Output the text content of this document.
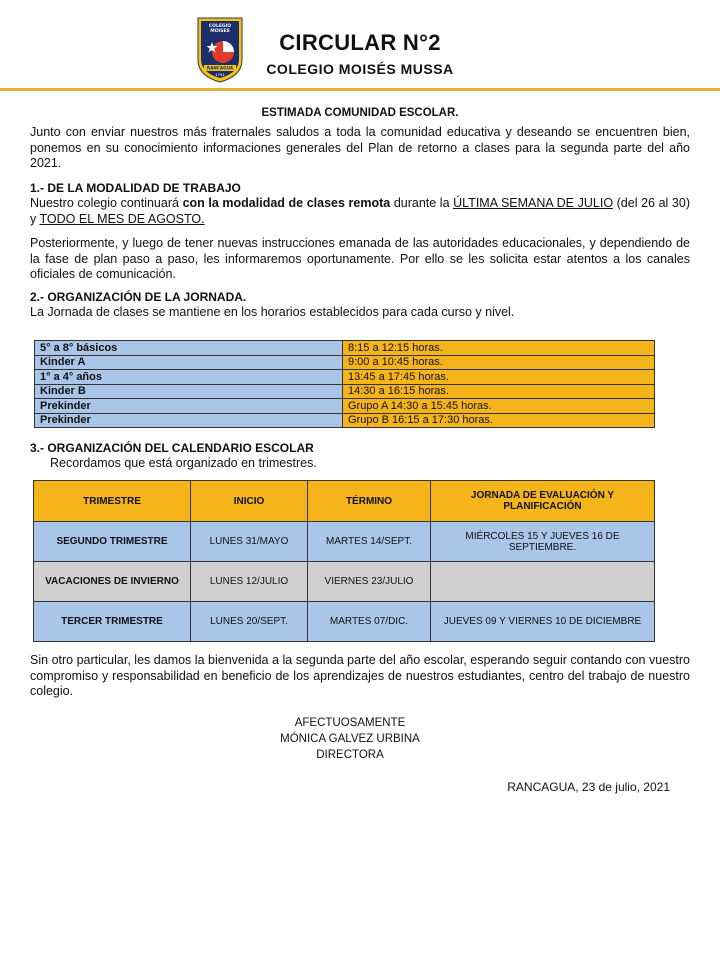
COLEGIO
MOISES
RANCAGUA
1791
CIRCULAR N°2
COLEGIO MOISÉS MUSSA
ESTIMADA COMUNIDAD ESCOLAR.
Junto con enviar nuestros más fraternales saludos a toda la comunidad educativa y deseando se encuentren bien, ponemos en su conocimiento informaciones generales del Plan de retorno a clases para la segunda parte del año 2021.
1.- DE LA MODALIDAD DE TRABAJO
Nuestro colegio continuará con la modalidad de clases remota durante la ÚLTIMA SEMANA DE JULIO (del 26 al 30) y TODO EL MES DE AGOSTO.
Posteriormente, y luego de tener nuevas instrucciones emanada de las autoridades educacionales, y dependiendo de la fase de plan paso a paso, les informaremos oportunamente. Por ello se les solicita estar atentos a los canales oficiales de comunicación.
2.- ORGANIZACIÓN DE LA JORNADA.
La Jornada de clases se mantiene en los horarios establecidos para cada curso y nivel.
5° a 8° básicos	8:15 a 12:15 horas.
Kinder A	9:00 a 10:45 horas.
1° a 4° años	13:45 a 17:45 horas.
Kinder B	14:30 a 16:15 horas.
Prekinder	Grupo A 14:30 a 15:45 horas.
Prekinder	Grupo B 16:15 a 17:30 horas.
3.- ORGANIZACIÓN DEL CALENDARIO ESCOLAR
Recordamos que está organizado en trimestres.
TRIMESTRE	INICIO	TÉRMINO	JORNADA DE EVALUACIÓN Y PLANIFICACIÓN
SEGUNDO TRIMESTRE	LUNES 31/MAYO	MARTES 14/SEPT.	MIÉRCOLES 15 Y JUEVES 16 DE SEPTIEMBRE.
VACACIONES DE INVIERNO	LUNES 12/JULIO	VIERNES 23/JULIO	
TERCER TRIMESTRE	LUNES 20/SEPT.	MARTES 07/DIC.	JUEVES 09 Y VIERNES 10 DE DICIEMBRE
Sin otro particular, les damos la bienvenida a la segunda parte del año escolar, esperando seguir contando con vuestro compromiso y responsabilidad en beneficio de los aprendizajes de nuestros estudiantes, centro del trabajo de nuestro colegio.
AFECTUOSAMENTE
MÓNICA GALVEZ URBINA
DIRECTORA
RANCAGUA, 23 de julio, 2021
